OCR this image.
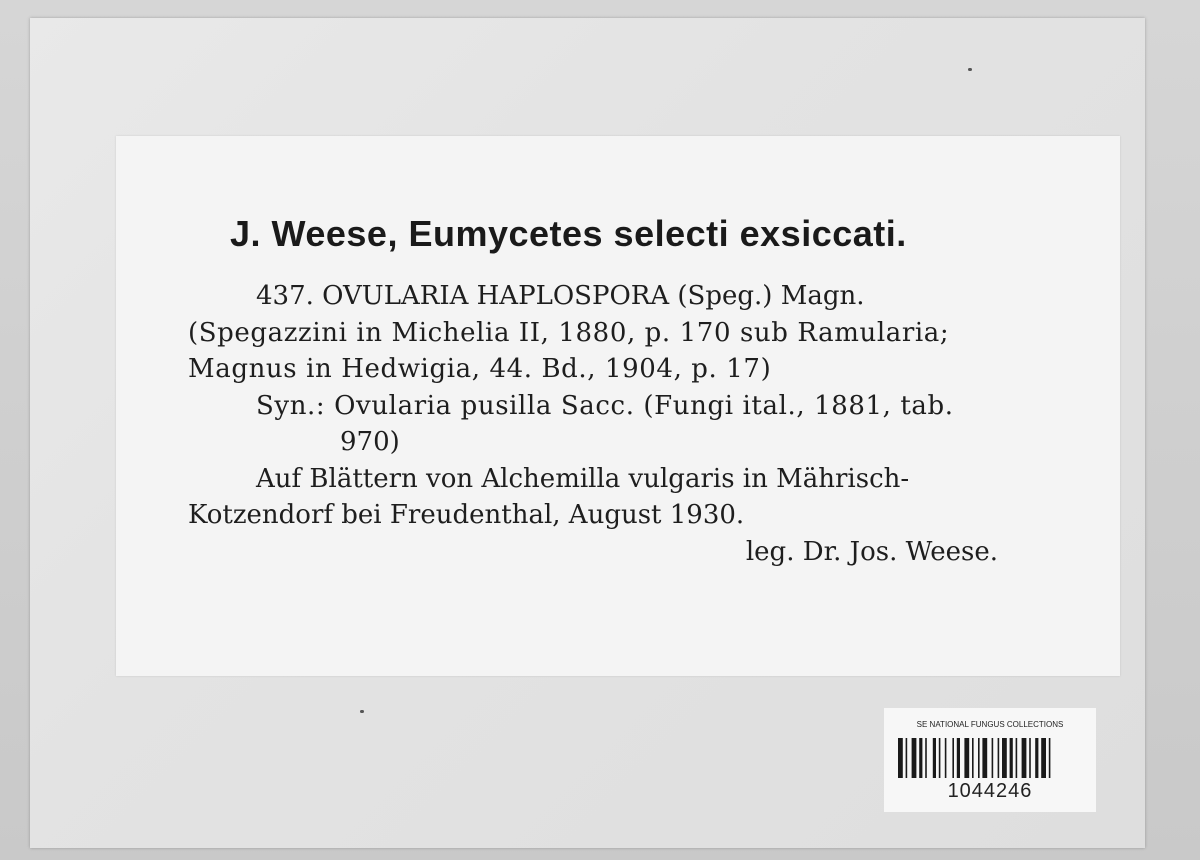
J. Weese, Eumycetes selecti exsiccati.
437. OVULARIA HAPLOSPORA (Speg.) Magn.
(Spegazzini in Michelia II, 1880, p. 170 sub Ramularia;
Magnus in Hedwigia, 44. Bd., 1904, p. 17)
Syn.: Ovularia pusilla Sacc. (Fungi ital., 1881, tab.
970)
Auf Blättern von Alchemilla vulgaris in Mährisch-
Kotzendorf bei Freudenthal, August 1930.
leg. Dr. Jos. Weese.
SE NATIONAL FUNGUS COLLECTIONS
1044246
